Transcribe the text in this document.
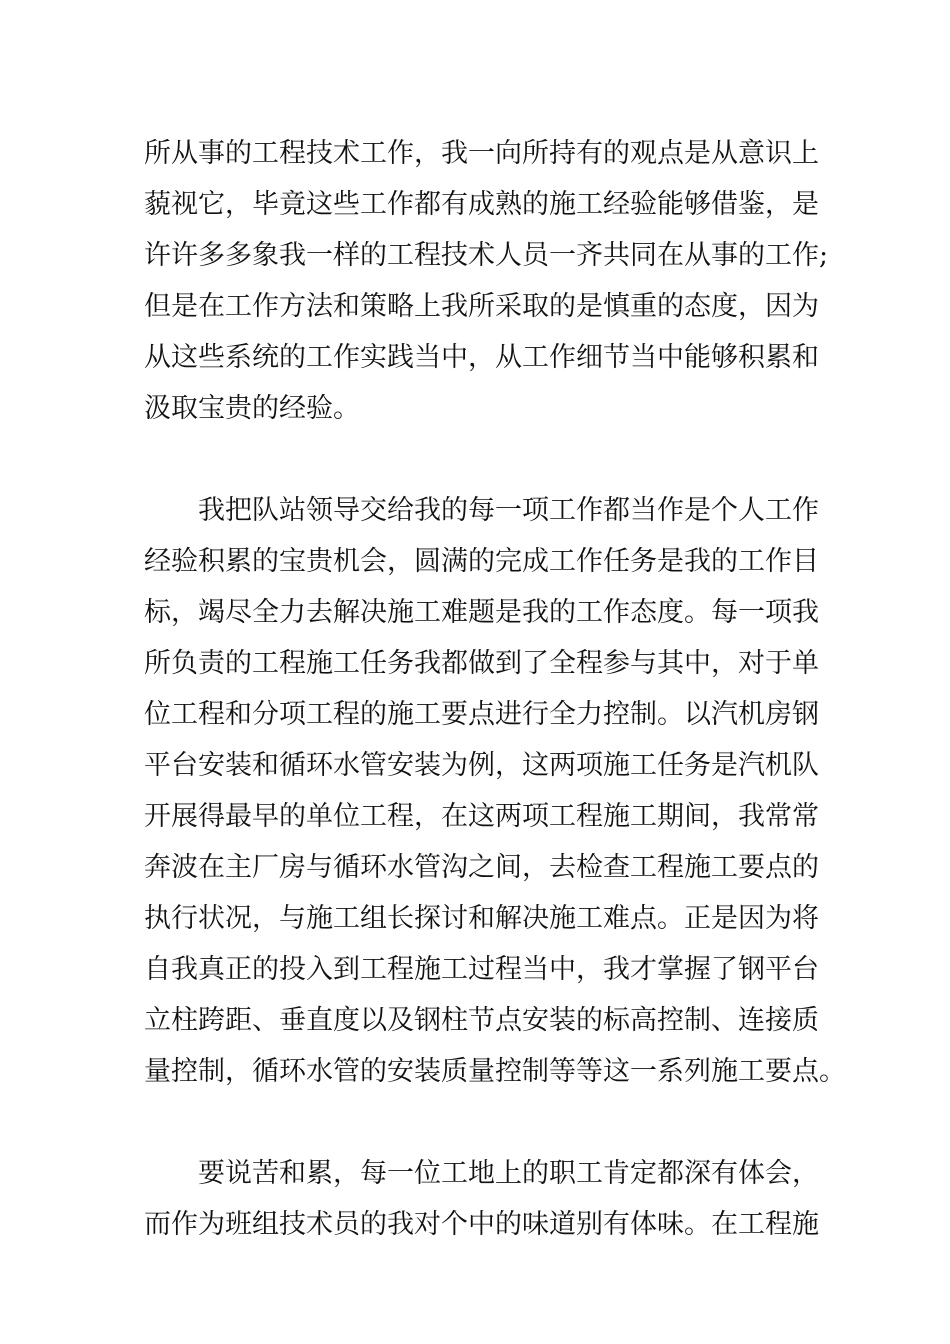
所从事的工程技术工作，我一向所持有的观点是从意识上
藐视它，毕竟这些工作都有成熟的施工经验能够借鉴，是
许许多多象我一样的工程技术人员一齐共同在从事的工作;
但是在工作方法和策略上我所采取的是慎重的态度，因为
从这些系统的工作实践当中，从工作细节当中能够积累和
汲取宝贵的经验。
我把队站领导交给我的每一项工作都当作是个人工作
经验积累的宝贵机会，圆满的完成工作任务是我的工作目
标，竭尽全力去解决施工难题是我的工作态度。每一项我
所负责的工程施工任务我都做到了全程参与其中，对于单
位工程和分项工程的施工要点进行全力控制。以汽机房钢
平台安装和循环水管安装为例，这两项施工任务是汽机队
开展得最早的单位工程，在这两项工程施工期间，我常常
奔波在主厂房与循环水管沟之间，去检查工程施工要点的
执行状况，与施工组长探讨和解决施工难点。正是因为将
自我真正的投入到工程施工过程当中，我才掌握了钢平台
立柱跨距、垂直度以及钢柱节点安装的标高控制、连接质
量控制，循环水管的安装质量控制等等这一系列施工要点。
要说苦和累，每一位工地上的职工肯定都深有体会，
而作为班组技术员的我对个中的味道别有体味。在工程施
